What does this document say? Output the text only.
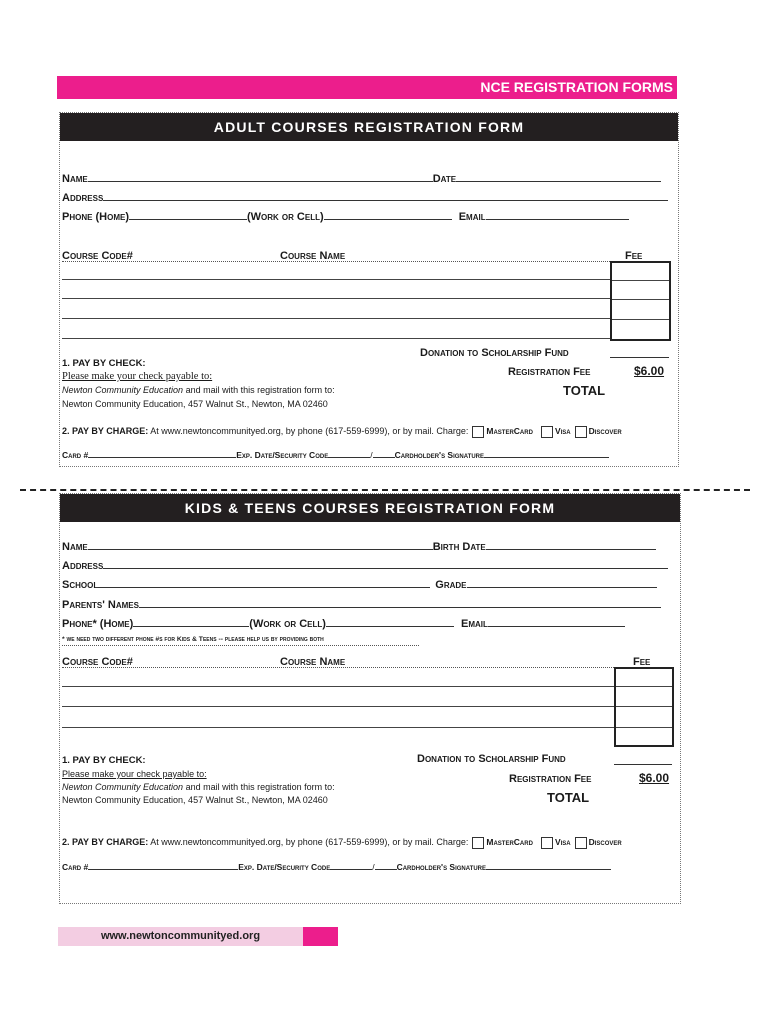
NCE REGISTRATION FORMS
ADULT COURSES REGISTRATION FORM
Name	Date
Address
Phone (Home)	(Work or Cell)	Email
Course Code#	Course Name	Fee
Donation to Scholarship Fund
Registration Fee	$6.00
TOTAL
1. PAY BY CHECK:
Please make your check payable to:
Newton Community Education and mail with this registration form to:
Newton Community Education, 457 Walnut St., Newton, MA 02460
2. PAY BY CHARGE: At www.newtoncommunityed.org, by phone (617-559-6999), or by mail. Charge: MasterCard	Visa Discover
Card #	Exp. Date/Security Code	/	Cardholder's Signature
KIDS & TEENS COURSES REGISTRATION FORM
Name	Birth Date
Address
School	Grade
Parents' Names
Phone* (Home)	(Work or Cell)	Email
* we need two different phone #s for Kids & Teens -- please help us by providing both
Course Code#	Course Name	Fee
Donation to Scholarship Fund
Registration Fee	$6.00
TOTAL
1. PAY BY CHECK:
Please make your check payable to:
Newton Community Education and mail with this registration form to:
Newton Community Education, 457 Walnut St., Newton, MA 02460
2. PAY BY CHARGE: At www.newtoncommunityed.org, by phone (617-559-6999), or by mail. Charge: MasterCard	Visa Discover
Card #	Exp. Date/Security Code	/	Cardholder's Signature
www.newtoncommunityed.org
